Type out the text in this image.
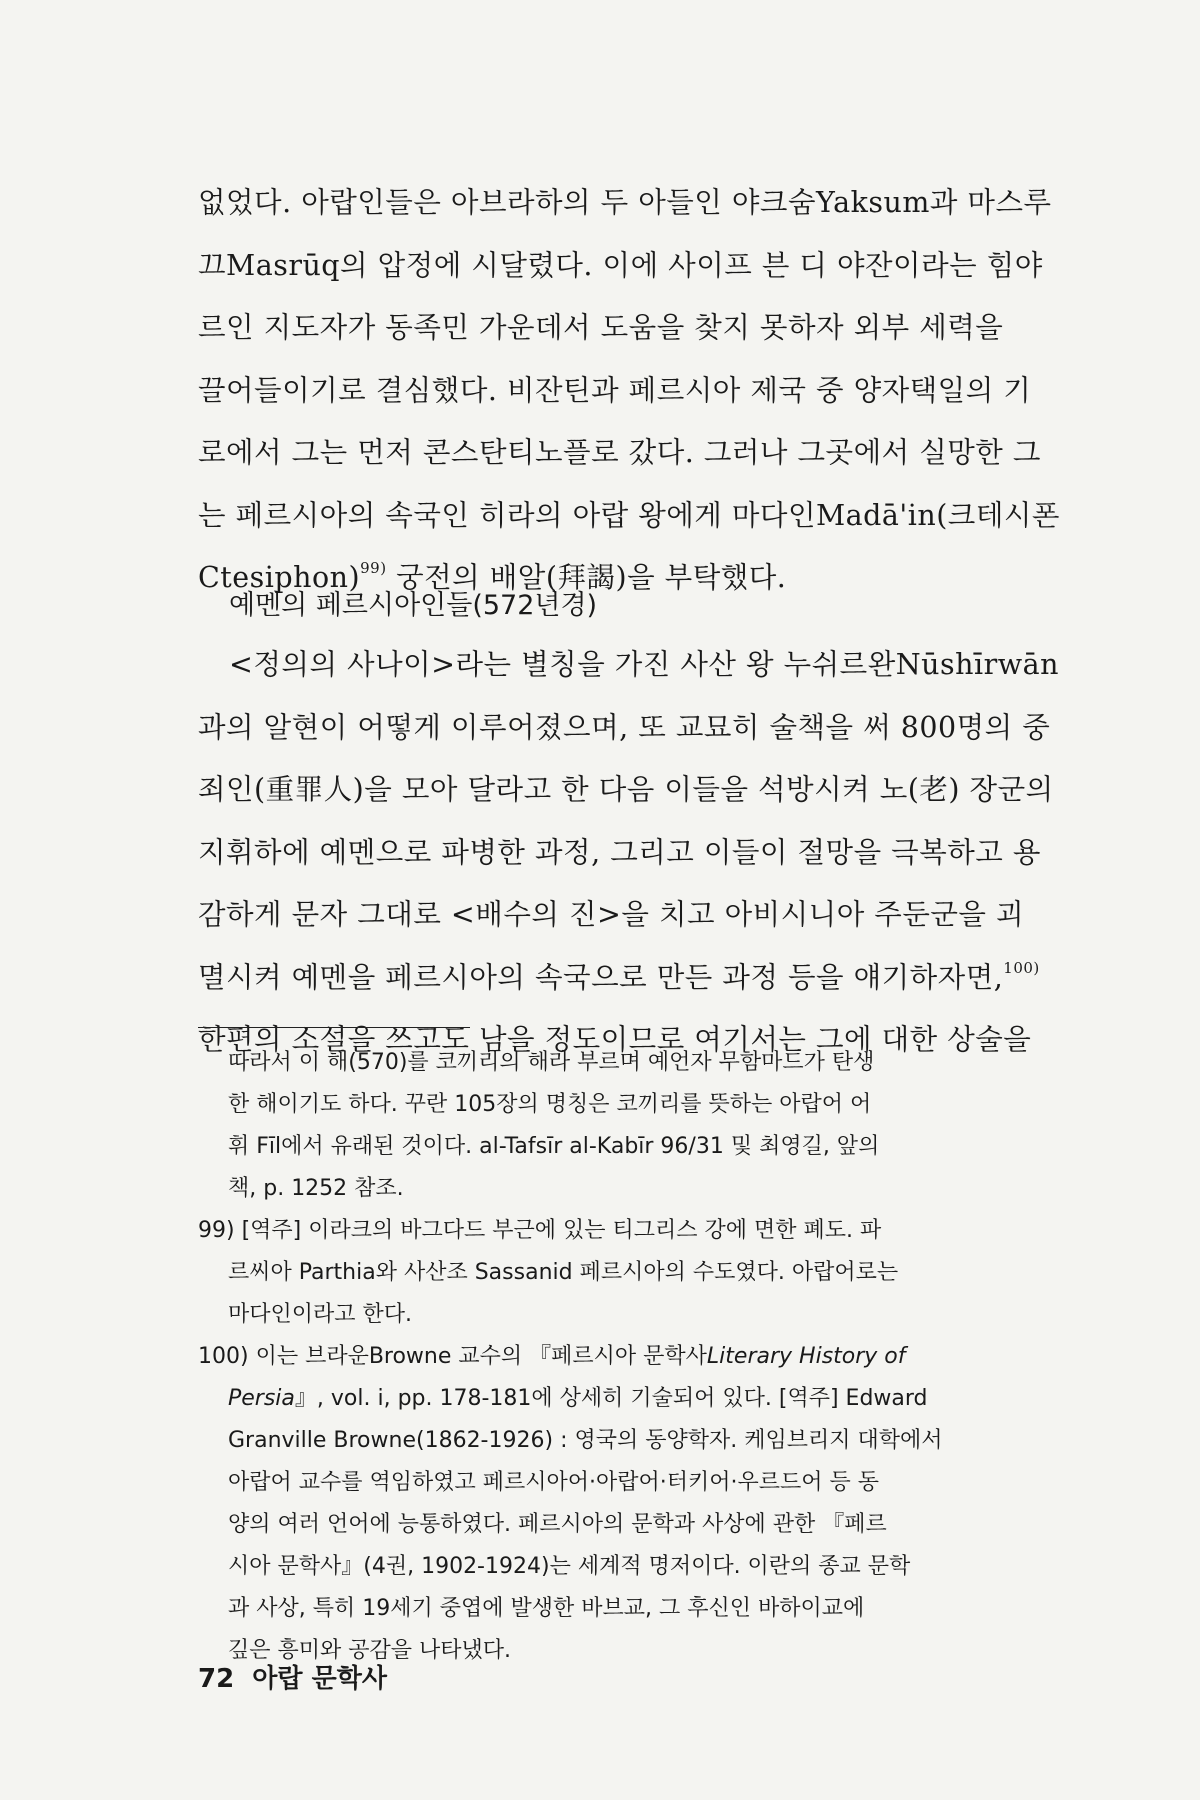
없었다. 아랍인들은 아브라하의 두 아들인 야크숨Yaksum과 마스루
끄Masrūq의 압정에 시달렸다. 이에 사이프 븐 디 야잔이라는 힘야
르인 지도자가 동족민 가운데서 도움을 찾지 못하자 외부 세력을
끌어들이기로 결심했다. 비잔틴과 페르시아 제국 중 양자택일의 기
로에서 그는 먼저 콘스탄티노플로 갔다. 그러나 그곳에서 실망한 그
는 페르시아의 속국인 히라의 아랍 왕에게 마다인Madā'in(크테시폰
Ctesiphon)$^{99)}$ 궁전의 배알(拜謁)을 부탁했다.
예멘의 페르시아인들(572년경)
<정의의 사나이>라는 별칭을 가진 사산 왕 누쉬르완Nūshīrwān
과의 알현이 어떻게 이루어졌으며, 또 교묘히 술책을 써 800명의 중
죄인(重罪人)을 모아 달라고 한 다음 이들을 석방시켜 노(老) 장군의
지휘하에 예멘으로 파병한 과정, 그리고 이들이 절망을 극복하고 용
감하게 문자 그대로 <배수의 진>을 치고 아비시니아 주둔군을 괴
멸시켜 예멘을 페르시아의 속국으로 만든 과정 등을 얘기하자면,$^{100)}$
한편의 소설을 쓰고도 남을 정도이므로 여기서는 그에 대한 상술을
따라서 이 해(570)를 코끼리의 해라 부르며 예언자 무함마드가 탄생
한 해이기도 하다. 꾸란 105장의 명칭은 코끼리를 뜻하는 아랍어 어
휘 Fīl에서 유래된 것이다. al-Tafsīr al-Kabīr 96/31 및 최영길, 앞의
책, p. 1252 참조.
99) [역주] 이라크의 바그다드 부근에 있는 티그리스 강에 면한 폐도. 파
르씨아 Parthia와 사산조 Sassanid 페르시아의 수도였다. 아랍어로는
마다인이라고 한다.
100) 이는 브라운Browne 교수의 『페르시아 문학사Literary History of
Persia』, vol. i, pp. 178-181에 상세히 기술되어 있다. [역주] Edward
Granville Browne(1862-1926) : 영국의 동양학자. 케임브리지 대학에서
아랍어 교수를 역임하였고 페르시아어·아랍어·터키어·우르드어 등 동
양의 여러 언어에 능통하였다. 페르시아의 문학과 사상에 관한 『페르
시아 문학사』(4권, 1902-1924)는 세계적 명저이다. 이란의 종교 문학
과 사상, 특히 19세기 중엽에 발생한 바브교, 그 후신인 바하이교에
깊은 흥미와 공감을 나타냈다.
72 아랍 문학사
